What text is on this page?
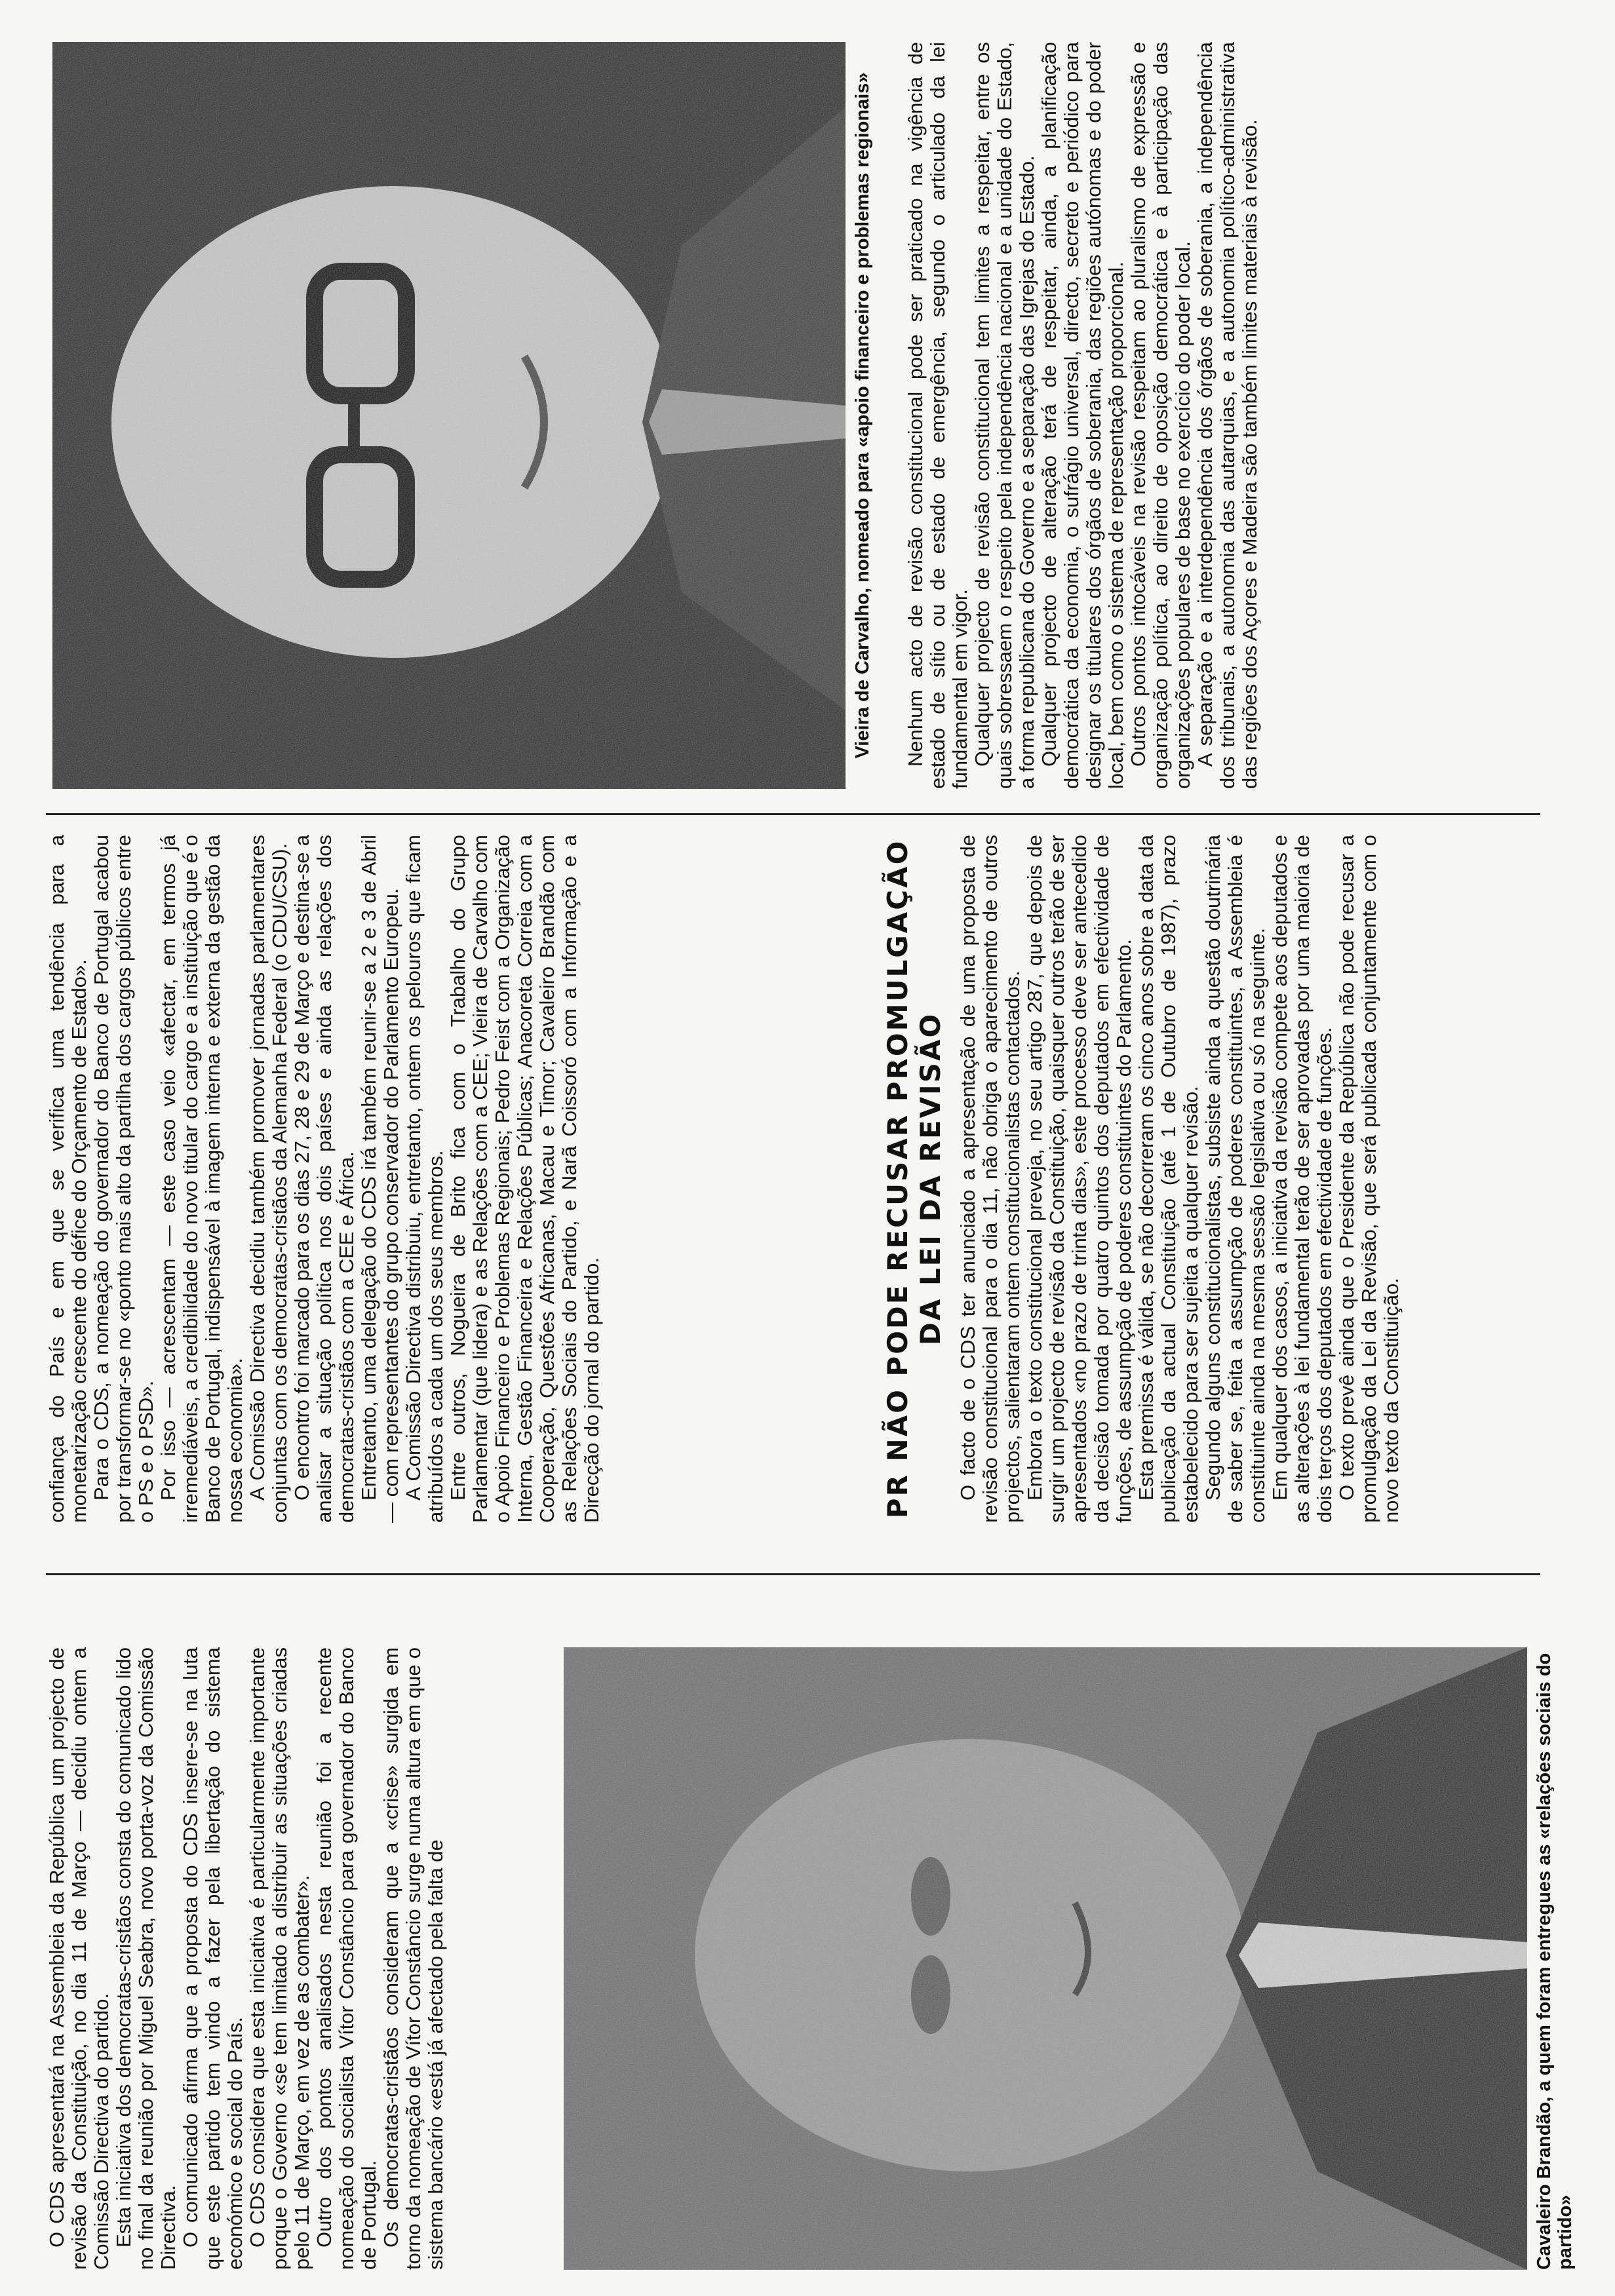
O CDS apresentará na Assembleia da República um projecto de revisão da Constituição, no dia 11 de Março — decidiu ontem a Comissão Directiva do partido. Esta iniciativa dos democratas-cristãos consta do comunicado lido no final da reunião por Miguel Seabra, novo porta-voz da Comissão Directiva. O comunicado afirma que a proposta do CDS insere-se na luta que este partido tem vindo a fazer pela libertação do sistema económico e social do País. O CDS considera que esta iniciativa é particularmente importante porque o Governo «se tem limitado a distribuir as situações criadas pelo 11 de Março, em vez de as combater». Outro dos pontos analisados nesta reunião foi a recente nomeação do socialista Vítor Constâncio para governador do Banco de Portugal. Os democratas-cristãos consideram que a «crise» surgida em torno da nomeação de Vítor Constâncio surge numa altura em que o sistema bancário «está já afectado pela falta de	Cavaleiro Brandão, a quem foram entregues as «relações sociais do partido»

confiança do País e em que se verifica uma tendência para a monetarização crescente do défice do Orçamento de Estado». Para o CDS, a nomeação do governador do Banco de Portugal acabou por transformar-se no «ponto mais alto da partilha dos cargos públicos entre o PS e o PSD». Por isso — acrescentam — este caso veio «afectar, em termos já irremediáveis, a credibilidade do novo titular do cargo e a instituição que é o Banco de Portugal, indispensável à imagem interna e externa da gestão da nossa economia». A Comissão Directiva decidiu também promover jornadas parlamentares conjuntas com os democratas-cristãos da Alemanha Federal (o CDU/CSU). O encontro foi marcado para os dias 27, 28 e 29 de Março e destina-se a analisar a situação política nos dois países e ainda as relações dos democratas-cristãos com a CEE e África. Entretanto, uma delegação do CDS irá também reunir-se a 2 e 3 de Abril — com representantes do grupo conservador do Parlamento Europeu. A Comissão Directiva distribuiu, entretanto, ontem os pelouros que ficam atribuídos a cada um dos seus membros. Entre outros, Nogueira de Brito fica com o Trabalho do Grupo Parlamentar (que lidera) e as Relações com a CEE; Vieira de Carvalho com o Apoio Financeiro e Problemas Regionais; Pedro Feist com a Organização Interna, Gestão Financeira e Relações Públicas; Anacoreta Correia com a Cooperação, Questões Africanas, Macau e Timor; Cavaleiro Brandão com as Relações Sociais do Partido, e Narã Coissoró com a Informação e a Direcção do jornal do partido.	PR NÃO PODE RECUSAR PROMULGAÇÃO DA LEI DA REVISÃO O facto de o CDS ter anunciado a apresentação de uma proposta de revisão constitucional para o dia 11, não obriga o aparecimento de outros projectos, salientaram ontem constitucionalistas contactados. Embora o texto constitucional preveja, no seu artigo 287, que depois de surgir um projecto de revisão da Constituição, quaisquer outros terão de ser apresentados «no prazo de trinta dias», este processo deve ser antecedido da decisão tomada por quatro quintos dos deputados em efectividade de funções, de assumpção de poderes constituintes do Parlamento. Esta premissa é válida, se não decorreram os cinco anos sobre a data da publicação da actual Constituição (até 1 de Outubro de 1987), prazo estabelecido para ser sujeita a qualquer revisão. Segundo alguns constitucionalistas, subsiste ainda a questão doutrinária de saber se, feita a assumpção de poderes constituintes, a Assembleia é constituinte ainda na mesma sessão legislativa ou só na seguinte. Em qualquer dos casos, a iniciativa da revisão compete aos deputados e as alterações à lei fundamental terão de ser aprovadas por uma maioria de dois terços dos deputados em efectividade de funções. O texto prevê ainda que o Presidente da República não pode recusar a promulgação da Lei da Revisão, que será publicada conjuntamente com o novo texto da Constituição.

Vieira de Carvalho, nomeado para «apoio financeiro e problemas regionais» Nenhum acto de revisão constitucional pode ser praticado na vigência de estado de sítio ou de estado de emergência, segundo o articulado da lei fundamental em vigor. Qualquer projecto de revisão constitucional tem limites a respeitar, entre os quais sobressaem o respeito pela independência nacional e a unidade do Estado, a forma republicana do Governo e a separação das Igrejas do Estado. Qualquer projecto de alteração terá de respeitar, ainda, a planificação democrática da economia, o sufrágio universal, directo, secreto e periódico para designar os titulares dos órgãos de soberania, das regiões autónomas e do poder local, bem como o sistema de representação proporcional. Outros pontos intocáveis na revisão respeitam ao pluralismo de expressão e organização política, ao direito de oposição democrática e à participação das organizações populares de base no exercício do poder local. A separação e a interdependência dos órgãos de soberania, a independência dos tribunais, a autonomia das autarquias, e a autonomia político-administrativa das regiões dos Açores e Madeira são também limites materiais à revisão.
